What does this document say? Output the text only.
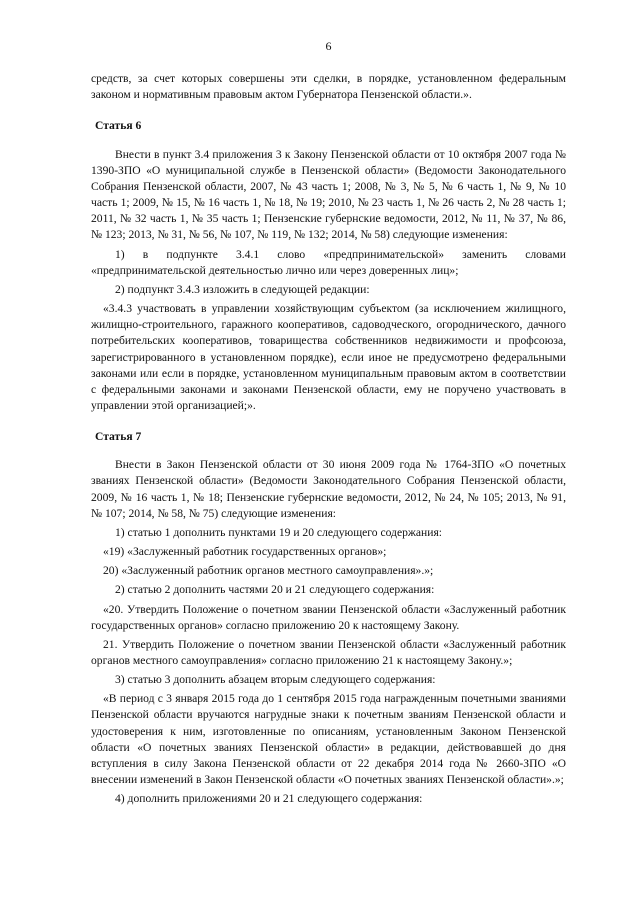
6

средств, за счет которых совершены эти сделки, в порядке, установленном федеральным законом и нормативным правовым актом Губернатора Пензенской области.».

Статья 6

Внести в пункт 3.4 приложения 3 к Закону Пензенской области от 10 октября 2007 года № 1390-ЗПО «О муниципальной службе в Пензенской области» (Ведомости Законодательного Собрания Пензенской области, 2007, № 43 часть 1; 2008, № 3, № 5, № 6 часть 1, № 9, № 10 часть 1; 2009, № 15, № 16 часть 1, № 18, № 19; 2010, № 23 часть 1, № 26 часть 2, № 28 часть 1; 2011, № 32 часть 1, № 35 часть 1; Пензенские губернские ведомости, 2012, № 11, № 37, № 86, № 123; 2013, № 31, № 56, № 107, № 119, № 132; 2014, № 58) следующие изменения:

1) в подпункте 3.4.1 слово «предпринимательской» заменить словами «предпринимательской деятельностью лично или через доверенных лиц»;

2) подпункт 3.4.3 изложить в следующей редакции:

«3.4.3 участвовать в управлении хозяйствующим субъектом (за исключением жилищного, жилищно-строительного, гаражного кооперативов, садоводческого, огороднического, дачного потребительских кооперативов, товарищества собственников недвижимости и профсоюза, зарегистрированного в установленном порядке), если иное не предусмотрено федеральными законами или если в порядке, установленном муниципальным правовым актом в соответствии с федеральными законами и законами Пензенской области, ему не поручено участвовать в управлении этой организацией;».

Статья 7

Внести в Закон Пензенской области от 30 июня 2009 года № 1764-ЗПО «О почетных званиях Пензенской области» (Ведомости Законодательного Собрания Пензенской области, 2009, № 16 часть 1, № 18; Пензенские губернские ведомости, 2012, № 24, № 105; 2013, № 91, № 107; 2014, № 58, № 75) следующие изменения:

1) статью 1 дополнить пунктами 19 и 20 следующего содержания:

«19) «Заслуженный работник государственных органов»;

20) «Заслуженный работник органов местного самоуправления».»;

2) статью 2 дополнить частями 20 и 21 следующего содержания:

«20. Утвердить Положение о почетном звании Пензенской области «Заслуженный работник государственных органов» согласно приложению 20 к настоящему Закону.

21. Утвердить Положение о почетном звании Пензенской области «Заслуженный работник органов местного самоуправления» согласно приложению 21 к настоящему Закону.»;

3) статью 3 дополнить абзацем вторым следующего содержания:

«В период с 3 января 2015 года до 1 сентября 2015 года награжденным почетными званиями Пензенской области вручаются нагрудные знаки к почетным званиям Пензенской области и удостоверения к ним, изготовленные по описаниям, установленным Законом Пензенской области «О почетных званиях Пензенской области» в редакции, действовавшей до дня вступления в силу Закона Пензенской области от 22 декабря 2014 года № 2660-ЗПО «О внесении изменений в Закон Пензенской области «О почетных званиях Пензенской области».»;

4) дополнить приложениями 20 и 21 следующего содержания:
